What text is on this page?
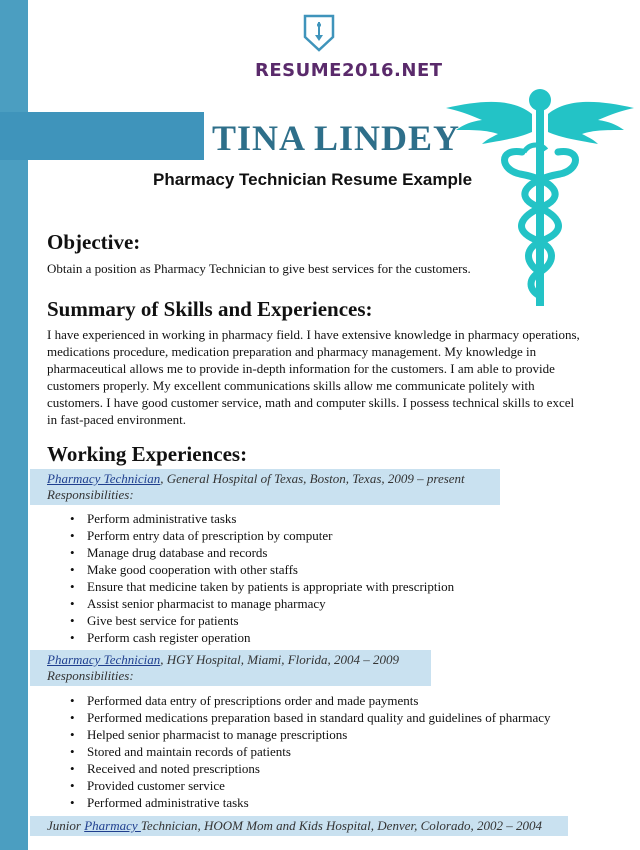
RESUME2016.NET
TINA LINDEY
Pharmacy Technician Resume Example
Objective:

Obtain a position as Pharmacy Technician to give best services for the customers.

Summary of Skills and Experiences:
I have experienced in working in pharmacy field. I have extensive knowledge in pharmacy operations,
medications procedure, medication preparation and pharmacy management. My knowledge in
pharmaceutical allows me to provide in-depth information for the customers. I am able to provide
customers properly. My excellent communications skills allow me communicate politely with
customers. I have good customer service, math and computer skills. I possess technical skills to excel
in fast-paced environment.
Working Experiences:
Pharmacy Technician, General Hospital of Texas, Boston, Texas, 2009 – present
Responsibilities:
• Perform administrative tasks
• Perform entry data of prescription by computer
• Manage drug database and records
• Make good cooperation with other staffs
• Ensure that medicine taken by patients is appropriate with prescription
• Assist senior pharmacist to manage pharmacy
• Give best service for patients
• Perform cash register operation
Pharmacy Technician, HGY Hospital, Miami, Florida, 2004 – 2009
Responsibilities:
• Performed data entry of prescriptions order and made payments
• Performed medications preparation based in standard quality and guidelines of pharmacy
• Helped senior pharmacist to manage prescriptions
• Stored and maintain records of patients
• Received and noted prescriptions
• Provided customer service
• Performed administrative tasks
Junior Pharmacy Technician, HOOM Mom and Kids Hospital, Denver, Colorado, 2002 – 2004
